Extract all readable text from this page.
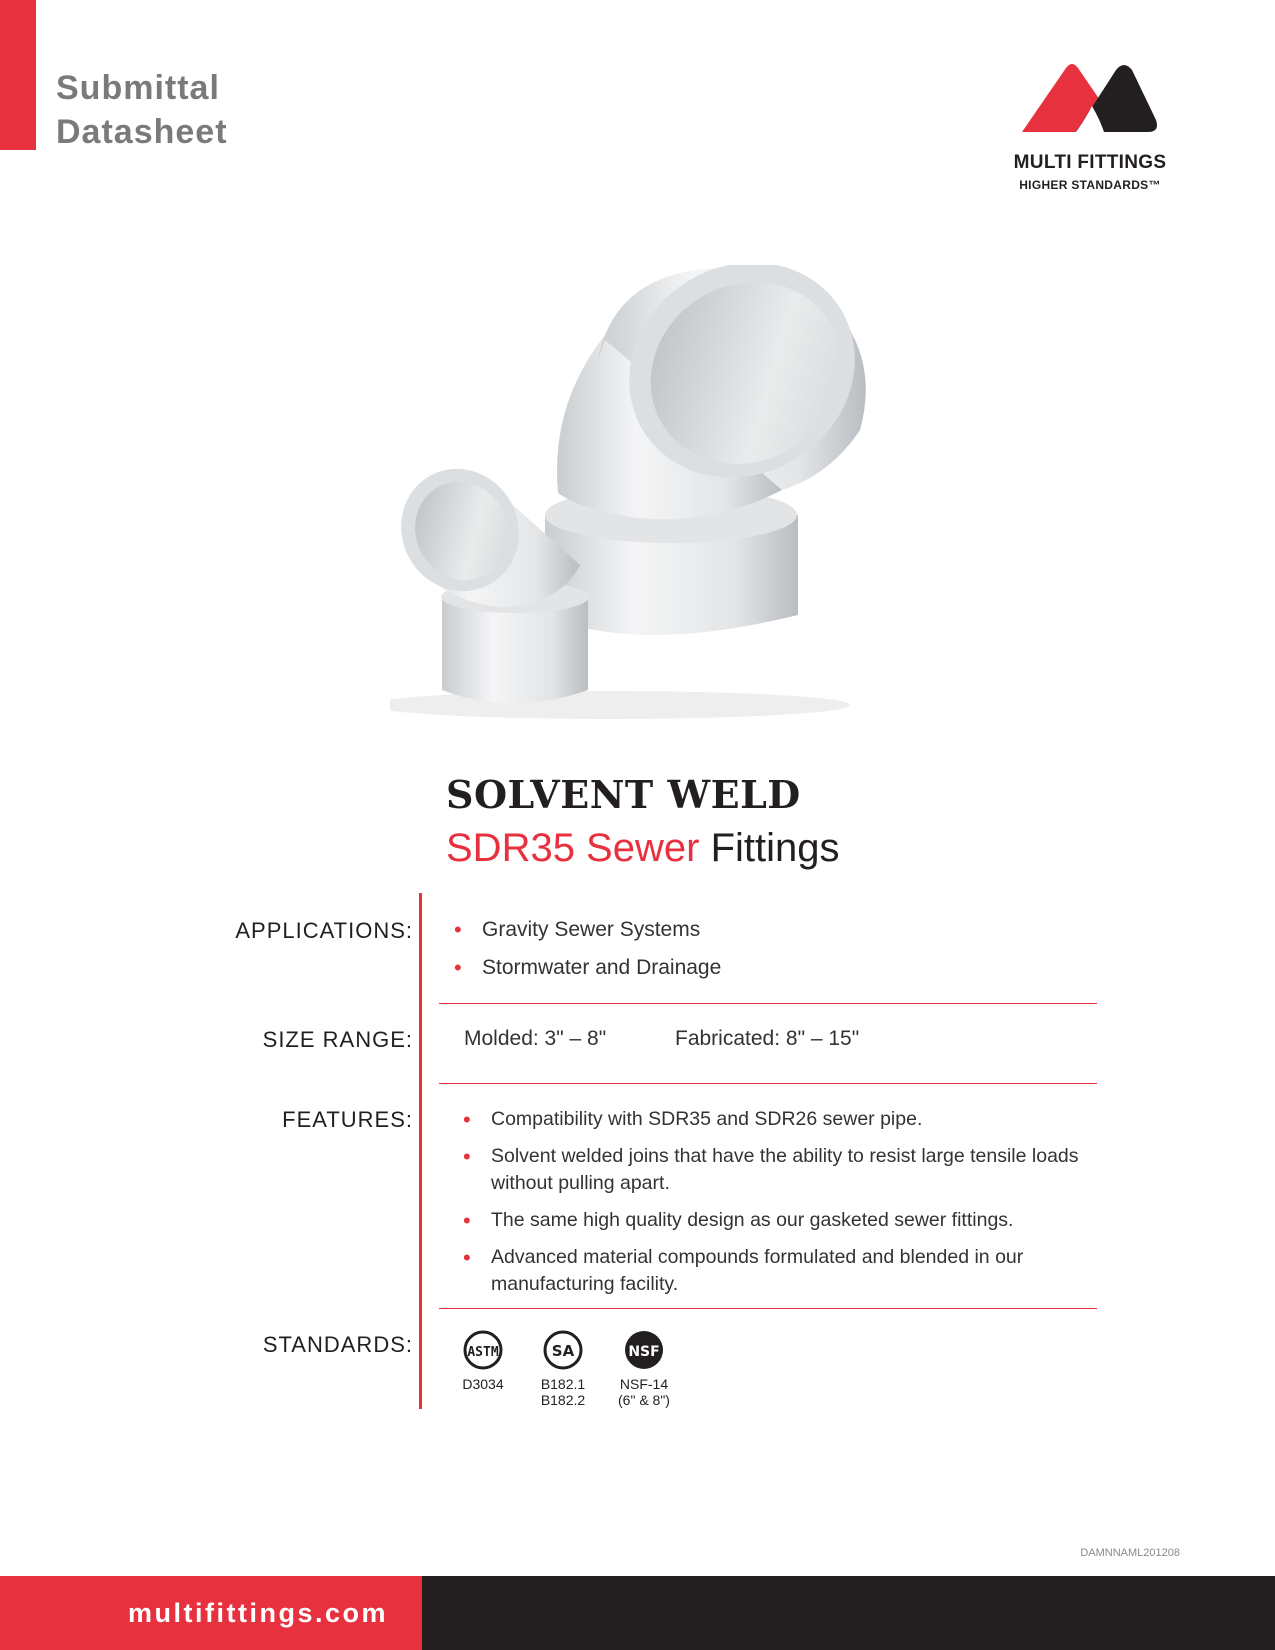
Submittal
Datasheet
MULTI FITTINGS
HIGHER STANDARDS™
SOLVENT WELD
SDR35 Sewer Fittings
APPLICATIONS:	• Gravity Sewer Systems
• Stormwater and Drainage
SIZE RANGE: Molded: 3" – 8"	Fabricated: 8" – 15"
FEATURES:	• Compatibility with SDR35 and SDR26 sewer pipe.
• Solvent welded joins that have the ability to resist large tensile loads without pulling apart.
• The same high quality design as our gasketed sewer fittings.
• Advanced material compounds formulated and blended in our manufacturing facility.
STANDARDS:	ASTM
D3034
SA
B182.1
B182.2
NSF
NSF-14
(6" & 8")
DAMNNAML201208
multifittings.com
